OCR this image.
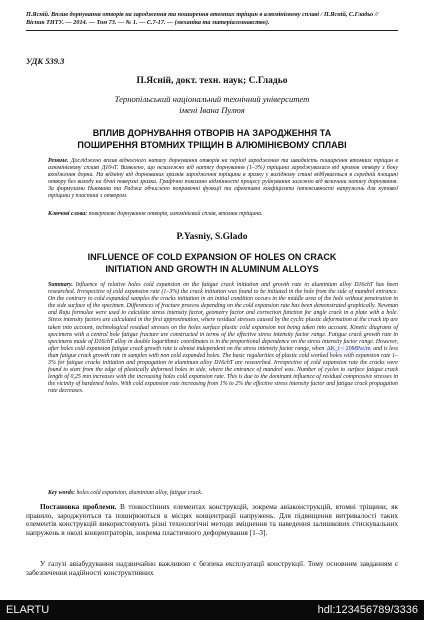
П.Ясній. Вплив дорнування отворів на зародження та поширення втомних тріщин в алюмінієвому сплаві / П.Ясній, С.Гладьо // Вісник ТНТУ. — 2014. — Том 73. — № 1. — С.7-17. — (механіка та матеріалознавство).
УДК 539.3
П.Ясній, докт. техн. наук; С.Гладьо
Тернопільський національний технічний університет
імені Івана Пулюя
ВПЛИВ ДОРНУВАННЯ ОТВОРІВ НА ЗАРОДЖЕННЯ ТА
ПОШИРЕННЯ ВТОМНИХ ТРІЩИН В АЛЮМІНІЄВОМУ СПЛАВІ
Резюме. Досліджено вплив відносного натягу дорнування отворів на період зародження та швидкість поширення втомних тріщин в алюмінієвому сплаві Д16чТ. Виявлено, що незалежно від натягу дорнування (1–3%) тріщина зароджувалася від кромок отвору з боку входження дорна. На відміну від дорнованих зразків зародження тріщини в зразку у вихідному стані відбувається в середній площині отвору без виходу на бічні поверхні зразка. Графічно показано відмінності процесу руйнування залежно від величини натягу дорнування. За формулами Ньюмана та Раджа обчислено поправочні функції та ефективні коефіцієнти інтенсивності напружень для кутової тріщини у пластині з отвором.
Ключові слова: поверхневе дорнування отворів, алюмінієвий сплав, втомна тріщина.
P.Yasniy, S.Glado
INFLUENCE OF COLD EXPANSION OF HOLES ON CRACK
INITIATION AND GROWTH IN ALUMINUM ALLOYS
Summary. Influence of relative holes cold expansion on the fatigue crack initiation and growth rate in aluminium alloy D16chT has been researched. Irrespective of cold expansion rate (1–3%) the crack initiation was found to be initiated in the hole from the side of mandrel entrance. On the contrary to cold expanded samples the cracks initiation in an initial condition occurs in the middle area of the hole without penetration in the side surface of the specimen. Differences of fracture process depending on the cold expansion rate has been demonstrated graphically. Newman and Raju formulae were used to calculate stress intensity factor, geometry factor and correction function for angle crack in a plate with a hole. Stress intensity factors are calculated in the first approximation, where residual stresses caused by the cyclic plastic deformation at the crack tip are taken into account, technological residual stresses on the holes surface plastic cold expansion not being taken into account. Kinetic diagrams of specimens with a central hole fatigue fracture are constructed in terms of the effective stress intensity factor range. Fatigue crack growth rate in specimens made of D16chT alloy in double logarithmic coordinates is in the proportional dependence on the stress intensity factor range. However, after holes cold expansion fatigue crack growth rate is almost independent on the stress intensity factor range, when ΔK_t < 20MPa√m and is less than fatigue crack growth rate in samples with non cold expanded holes. The basic regularities of plastic cold worked holes with expansion rate 1–3% for fatigue cracks initiation and propagation in aluminum alloy D16chT are researched. Irrespective of cold expansion rate the cracks were found to start from the edge of plastically deformed holes in side, where the entrance of mandrel was. Number of cycles to surface fatigue crack length of 0,25 mm increases with the increasing holes cold expansion rate. This is due to the dominant influence of residual compressive stresses in the vicinity of hardened holes. With cold expansion rate increasing from 1% to 2% the effective stress intensity factor and fatigue crack propagation rate decreases.
Key words: holes cold expansion, aluminium alloy, fatigue crack.
Постановка проблеми. В тонкостінних елементах конструкцій, зокрема авіаконструкцій, втомні тріщини, як правило, зароджуються та поширюються в місцях концентрації напружень. Для підвищення витривалості таких елементів конструкцій використовують різні технологічні методи зміцнення та наведення залишкових стискувальних напружень в околі концентраторів, зокрема пластичного деформування [1–3].
У галузі авіабудування надзвичайно важливою є безпека експлуатації конструкції. Тому основним завданням є забезпечення надійності конструктивних
ELARTU	hdl:123456789/3336
